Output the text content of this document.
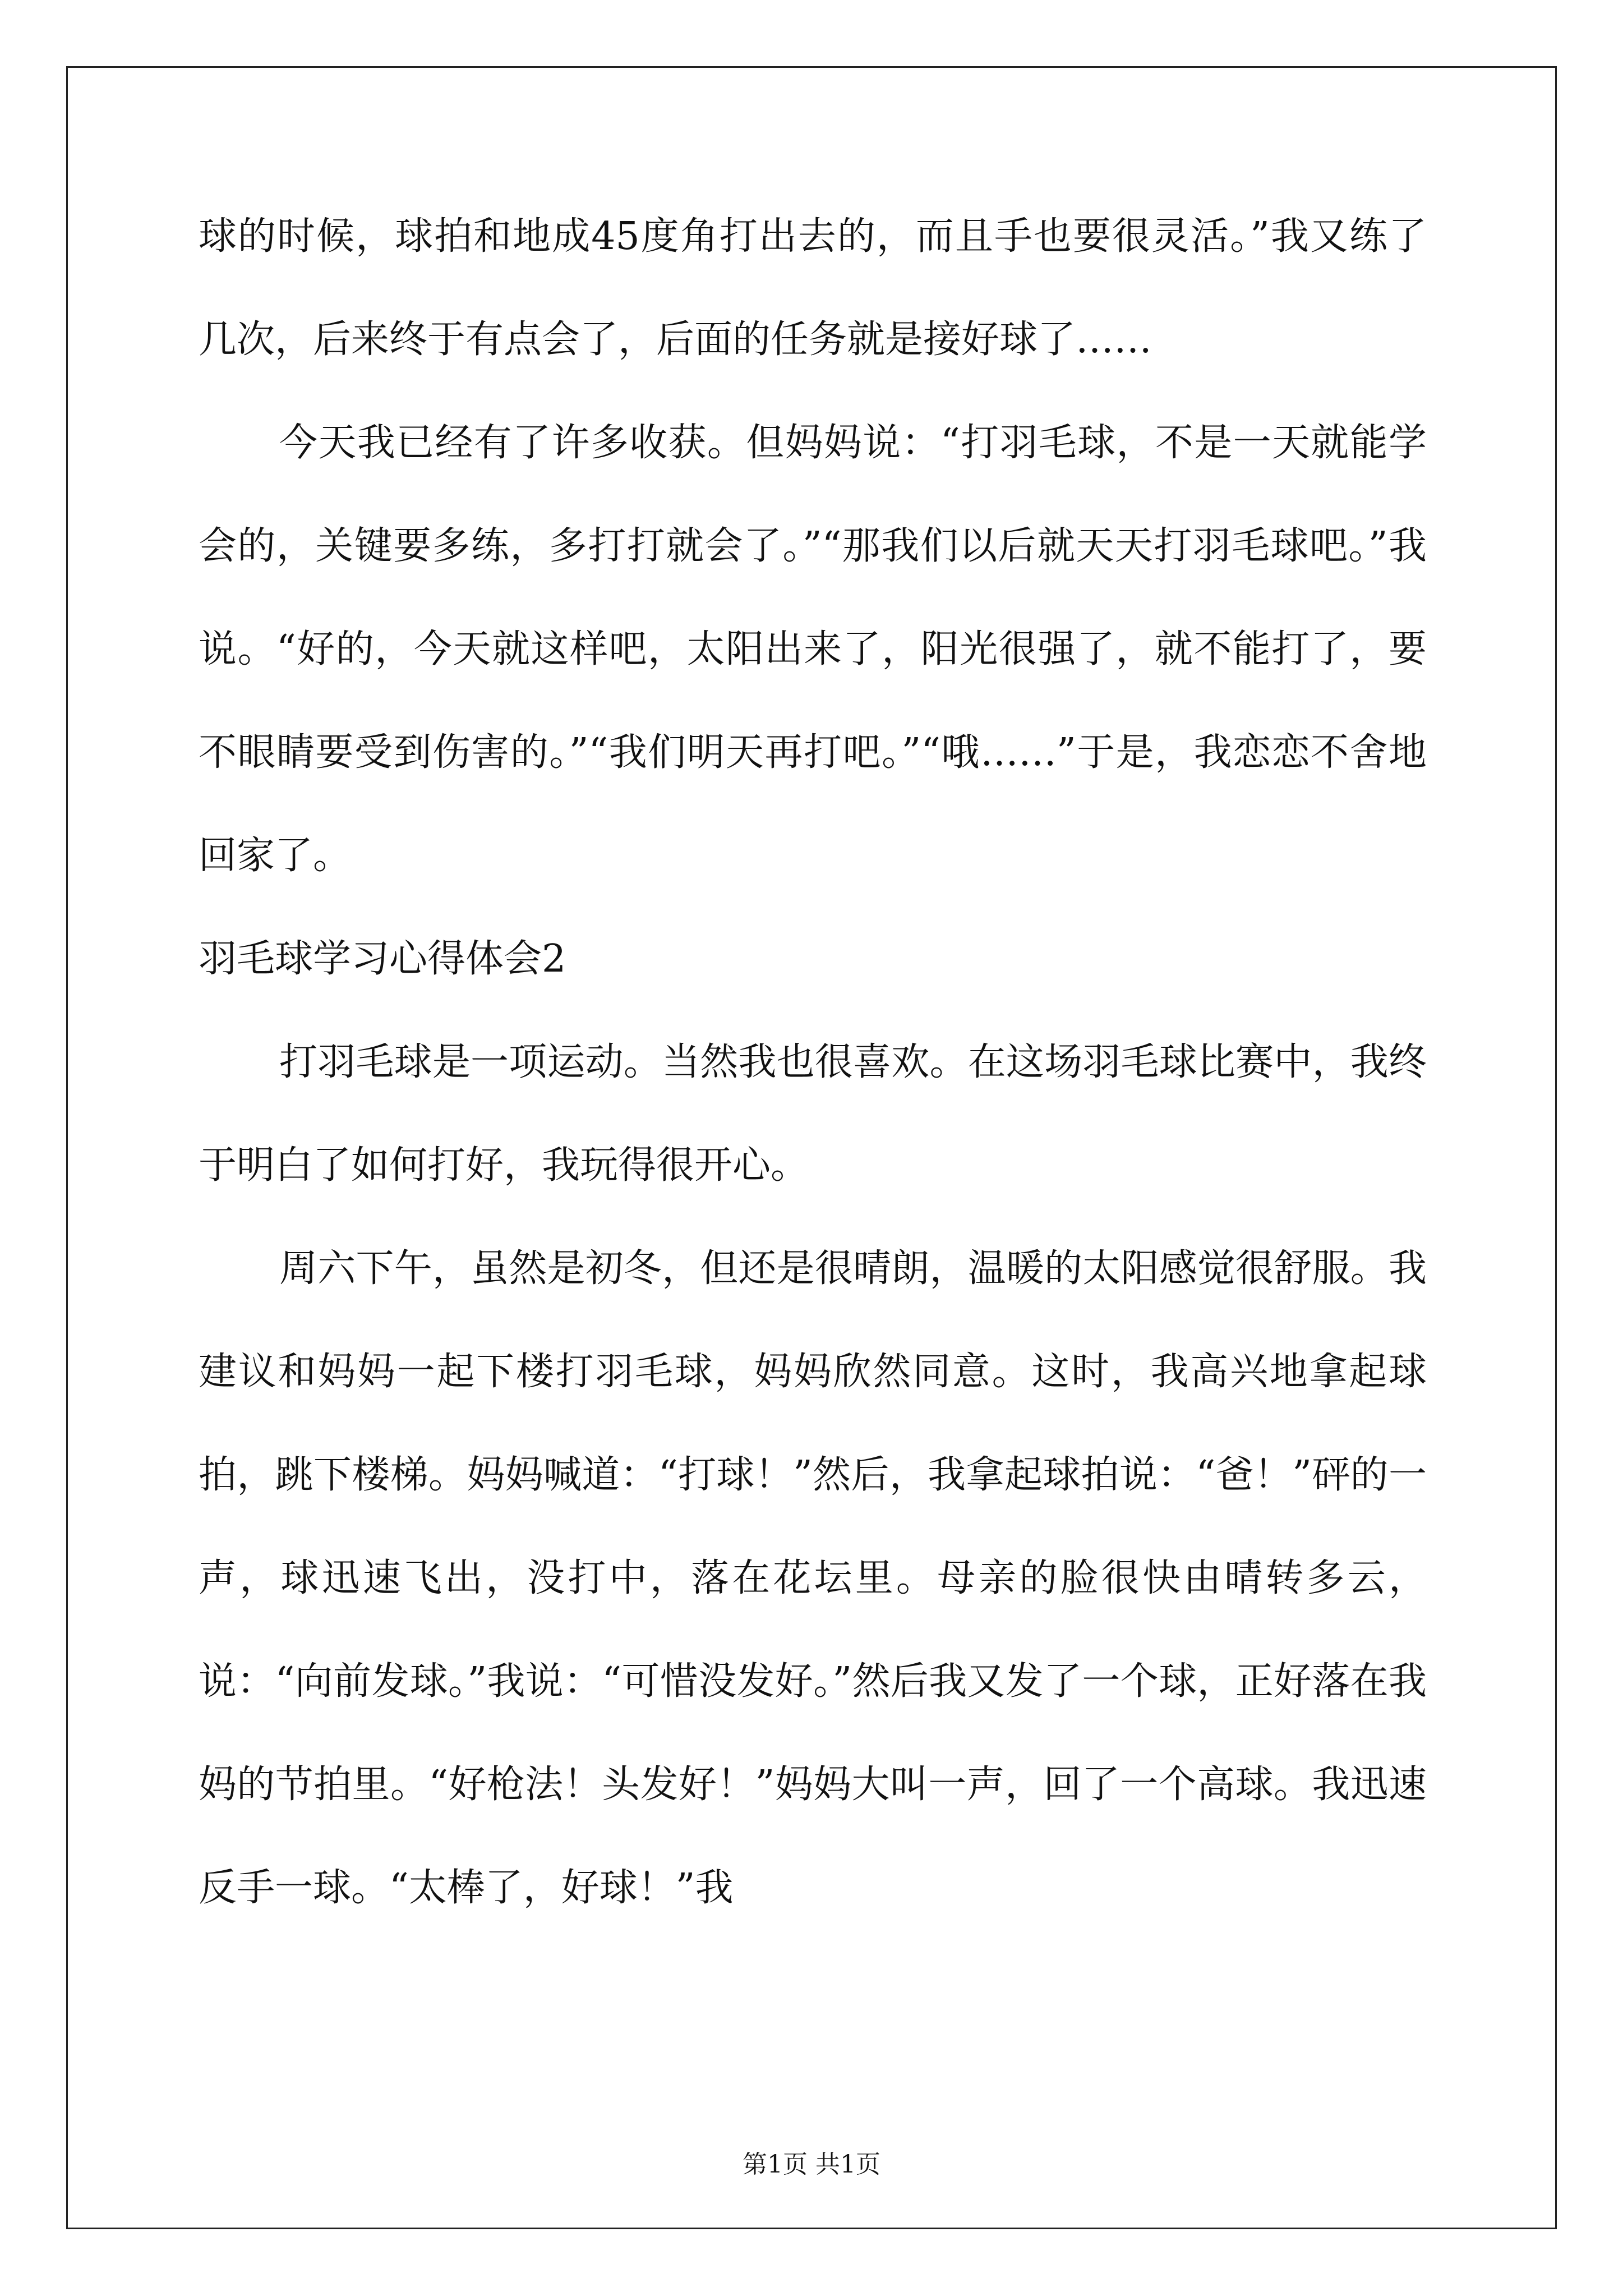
球的时候，球拍和地成45度角打出去的，而且手也要很灵活。”我又练了几次，后来终于有点会了，后面的任务就是接好球了……

今天我已经有了许多收获。但妈妈说：“打羽毛球，不是一天就能学会的，关键要多练，多打打就会了。”“那我们以后就天天打羽毛球吧。”我说。“好的，今天就这样吧，太阳出来了，阳光很强了，就不能打了，要不眼睛要受到伤害的。”“我们明天再打吧。”“哦……”于是，我恋恋不舍地回家了。

羽毛球学习心得体会2

打羽毛球是一项运动。当然我也很喜欢。在这场羽毛球比赛中，我终于明白了如何打好，我玩得很开心。

周六下午，虽然是初冬，但还是很晴朗，温暖的太阳感觉很舒服。我建议和妈妈一起下楼打羽毛球，妈妈欣然同意。这时，我高兴地拿起球拍，跳下楼梯。妈妈喊道：“打球！”然后，我拿起球拍说：“爸！”砰的一声，球迅速飞出，没打中，落在花坛里。母亲的脸很快由晴转多云，说：“向前发球。”我说：“可惜没发好。”然后我又发了一个球，正好落在我妈的节拍里。“好枪法！头发好！”妈妈大叫一声，回了一个高球。我迅速反手一球。“太棒了，好球！”我

第1页 共1页
